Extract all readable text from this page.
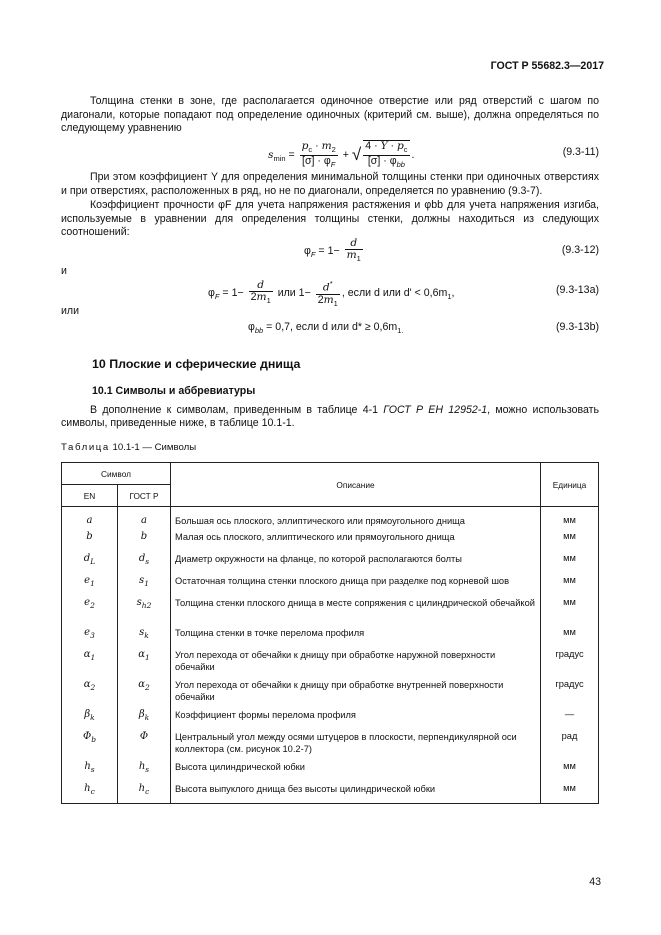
ГОСТ Р 55682.3—2017
Толщина стенки в зоне, где располагается одиночное отверстие или ряд отверстий с шагом по диагонали, которые попадают под определение одиночных (критерий см. выше), должна определяться по следующему уравнению
$s_{min} = \frac{p_c \cdot m_2}{[\sigma] \cdot \varphi_F}$ + √ $\frac{4 \cdot Y \cdot p_c}{[\sigma] \cdot \varphi_{bb}}$ .	(9.3-11)
При этом коэффициент Y для определения минимальной толщины стенки при одиночных отверстиях и при отверстиях, расположенных в ряд, но не по диагонали, определяется по уравнению (9.3-7).
Коэффициент прочности φF для учета напряжения растяжения и φbb для учета напряжения изгиба, используемые в уравнении для определения толщины стенки, должны находиться из следующих соотношений:
$\varphi_F = 1- \frac{d}{m_1}$	(9.3-12)
и
$\varphi_F = 1- \frac{d}{2m_1}$ или $1- \frac{d^*}{2m_1}$ , если d или $d' < 0,6m_1$,	(9.3-13a)
или
$\varphi_{bb} = 0,7$, если d или $d* \ge 0,6m_{1.}$	(9.3-13b)
10 Плоские и сферические днища
10.1 Символы и аббревиатуры
В дополнение к символам, приведенным в таблице 4-1 ГОСТ Р ЕН 12952-1, можно использовать символы, приведенные ниже, в таблице 10.1-1.
Таблица 10.1-1 — Символы
Символ		Описание	Единица
EN	ГОСТ Р		
a	a	Большая ось плоского, эллиптического или прямоугольного днища	мм
b	b	Малая ось плоского, эллиптического или прямоугольного днища	мм
$d_L$	$d_s$	Диаметр окружности на фланце, по которой располагаются болты	мм
$e_1$	$s_1$	Остаточная толщина стенки плоского днища при разделке под корневой шов	мм
$e_2$	$s_{h2}$	Толщина стенки плоского днища в месте сопряжения с цилиндрической обечайкой	мм
$e_3$	$s_k$	Толщина стенки в точке перелома профиля	мм
$\alpha_1$	$\alpha_1$	Угол перехода от обечайки к днищу при обработке наружной поверхности обечайки	градус
$\alpha_2$	$\alpha_2$	Угол перехода от обечайки к днищу при обработке внутренней поверхности обечайки	градус
$\beta_k$	$\beta_k$	Коэффициент формы перелома профиля	—
$\Phi_b$	Φ	Центральный угол между осями штуцеров в плоскости, перпендикулярной оси коллектора (см. рисунок 10.2-7)	рад
$h_s$	$h_s$	Высота цилиндрической юбки	мм
$h_c$	$h_c$	Высота выпуклого днища без высоты цилиндрической юбки	мм
43
